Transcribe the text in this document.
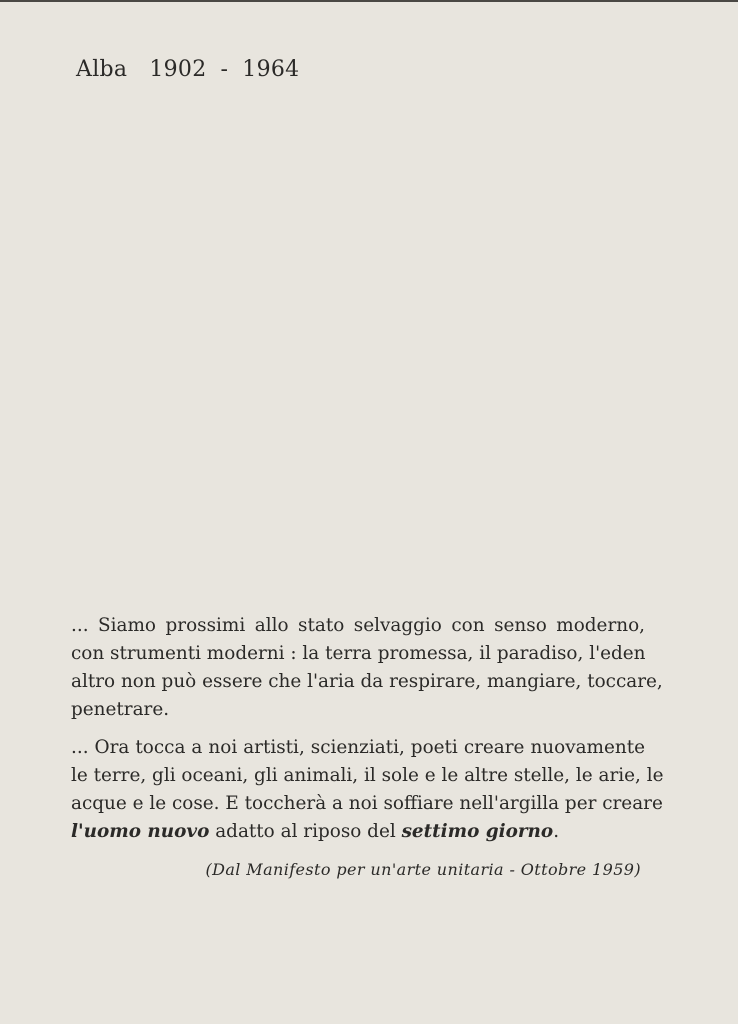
Alba 1902 - 1964
... Siamo prossimi allo stato selvaggio con senso moderno,
con strumenti moderni : la terra promessa, il paradiso, l'eden
altro non può essere che l'aria da respirare, mangiare, toccare,
penetrare.
... Ora tocca a noi artisti, scienziati, poeti creare nuovamente
le terre, gli oceani, gli animali, il sole e le altre stelle, le arie, le
acque e le cose. E toccherà a noi soffiare nell'argilla per creare
l'uomo nuovo adatto al riposo del settimo giorno.
(Dal Manifesto per un'arte unitaria - Ottobre 1959)
